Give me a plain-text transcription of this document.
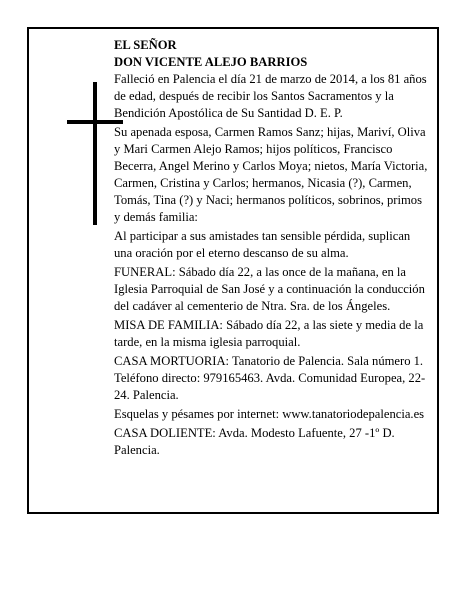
EL SEÑOR

DON VICENTE ALEJO BARRIOS

Falleció en Palencia el día 21 de marzo de 2014, a los 81 años de edad, después de recibir los Santos Sacramentos y la Bendición Apostólica de Su Santidad D. E. P.

Su apenada esposa, Carmen Ramos Sanz; hijas, Mariví, Oliva y Mari Carmen Alejo Ramos; hijos políticos, Francisco Becerra, Angel Merino y Carlos Moya; nietos, María Victoria, Carmen, Cristina y Carlos; hermanos, Nicasia (?), Carmen, Tomás, Tina (?) y Naci; hermanos políticos, sobrinos, primos y demás familia:

Al participar a sus amistades tan sensible pérdida, suplican una oración por el eterno descanso de su alma.

FUNERAL: Sábado día 22, a las once de la mañana, en la Iglesia Parroquial de San José y a continuación la conducción del cadáver al cementerio de Ntra. Sra. de los Ángeles.

MISA DE FAMILIA: Sábado día 22, a las siete y media de la tarde, en la misma iglesia parroquial.

CASA MORTUORIA: Tanatorio de Palencia. Sala número 1. Teléfono directo: 979165463. Avda. Comunidad Europea, 22-24. Palencia.

Esquelas y pésames por internet: www.tanatoriodepalencia.es

CASA DOLIENTE: Avda. Modesto Lafuente, 27 -1º D. Palencia.
